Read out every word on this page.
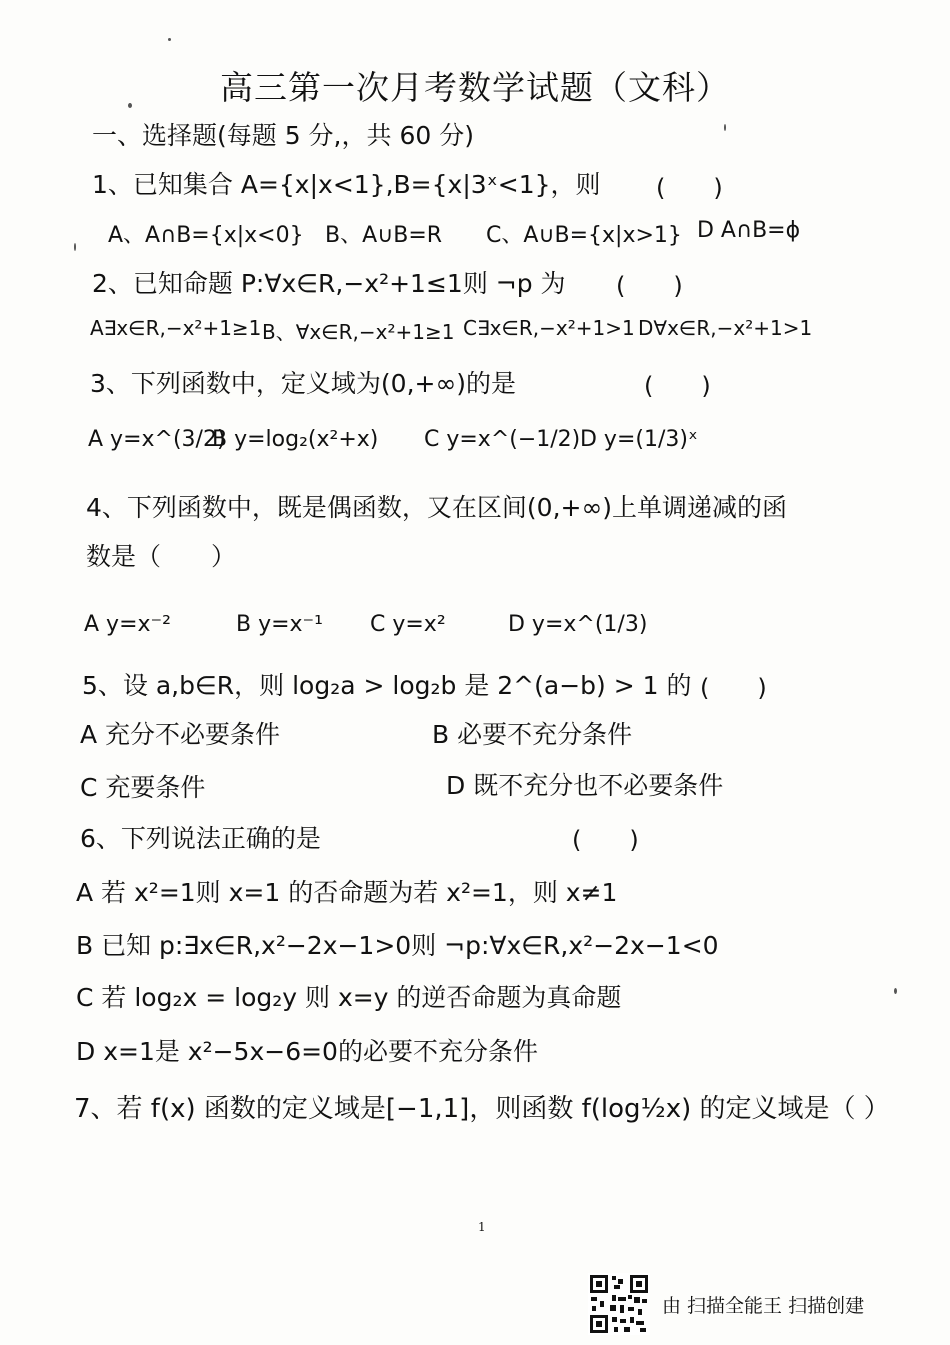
高三第一次月考数学试题（文科）
一、选择题(每题 5 分,，共 60 分)
1、已知集合 A={x|x<1},B={x|3ˣ<1}，则 (　　)
A、A∩B={x|x<0} B、A∪B=R C、A∪B={x|x>1} D A∩B=ϕ
2、已知命题 P:∀x∈R,−x²+1≤1则 ¬p 为 (　　)
A∃x∈R,−x²+1≥1 B、∀x∈R,−x²+1≥1 C∃x∈R,−x²+1>1 D∀x∈R,−x²+1>1
3、下列函数中，定义域为(0,+∞)的是	(　　)
A y=x^(3/2)
B y=log₂(x²+x) C y=x^(−1/2) D y=(1/3)ˣ
4、下列函数中，既是偶函数，又在区间(0,+∞)上单调递减的函
数是（　　）
A y=x⁻²	B y=x⁻¹ C y=x²	D y=x^(1/3)
5、设 a,b∈R，则 log₂a > log₂b 是 2^(a−b) > 1 的 (　　)
A 充分不必要条件	B 必要不充分条件
C 充要条件	D 既不充分也不必要条件
6、下列说法正确的是	(　　)
A 若 x²=1则 x=1 的否命题为若 x²=1，则 x≠1
B 已知 p:∃x∈R,x²−2x−1>0则 ¬p:∀x∈R,x²−2x−1<0
C 若 log₂x = log₂y 则 x=y 的逆否命题为真命题
D x=1是 x²−5x−6=0的必要不充分条件
7、若 f(x) 函数的定义域是[−1,1]，则函数 f(log½x) 的定义域是（ ）
1
由 扫描全能王 扫描创建
